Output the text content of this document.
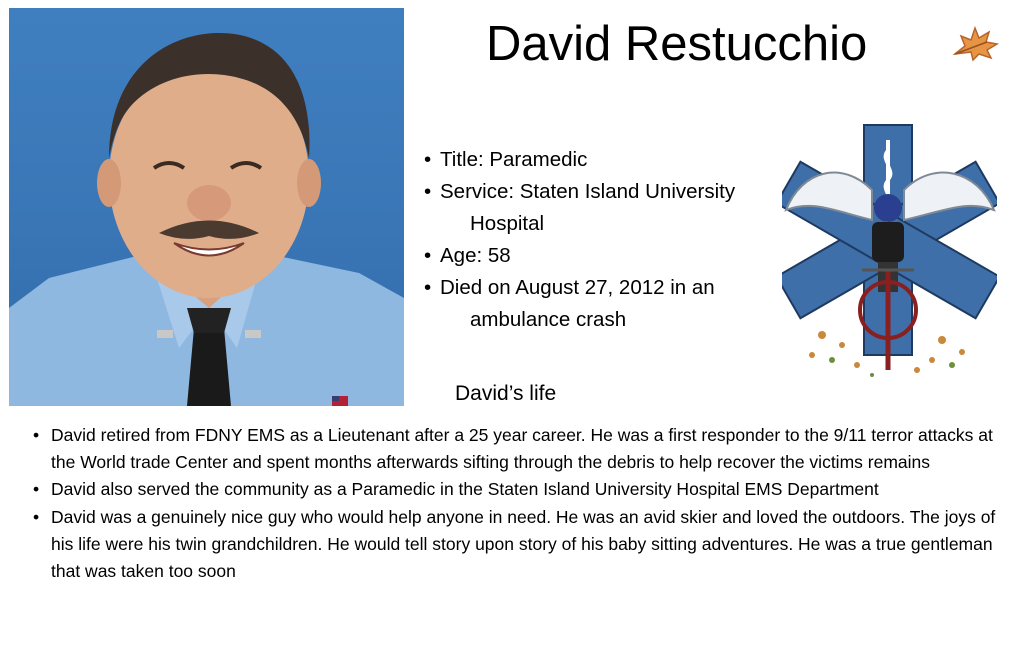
David Restucchio
• Title: Paramedic
• Service: Staten Island University
Hospital
• Age: 58
• Died on August 27, 2012 in an
ambulance crash
David’s life
• David retired from FDNY EMS as a Lieutenant after a 25 year career. He was a first responder to the 9/11 terror attacks at the World trade Center and spent months afterwards sifting through the debris to help recover the victims remains
• David also served the community as a Paramedic in the Staten Island University Hospital EMS Department
• David was a genuinely nice guy who would help anyone in need. He was an avid skier and loved the outdoors. The joys of his life were his twin grandchildren. He would tell story upon story of his baby sitting adventures. He was a true gentleman that was taken too soon
